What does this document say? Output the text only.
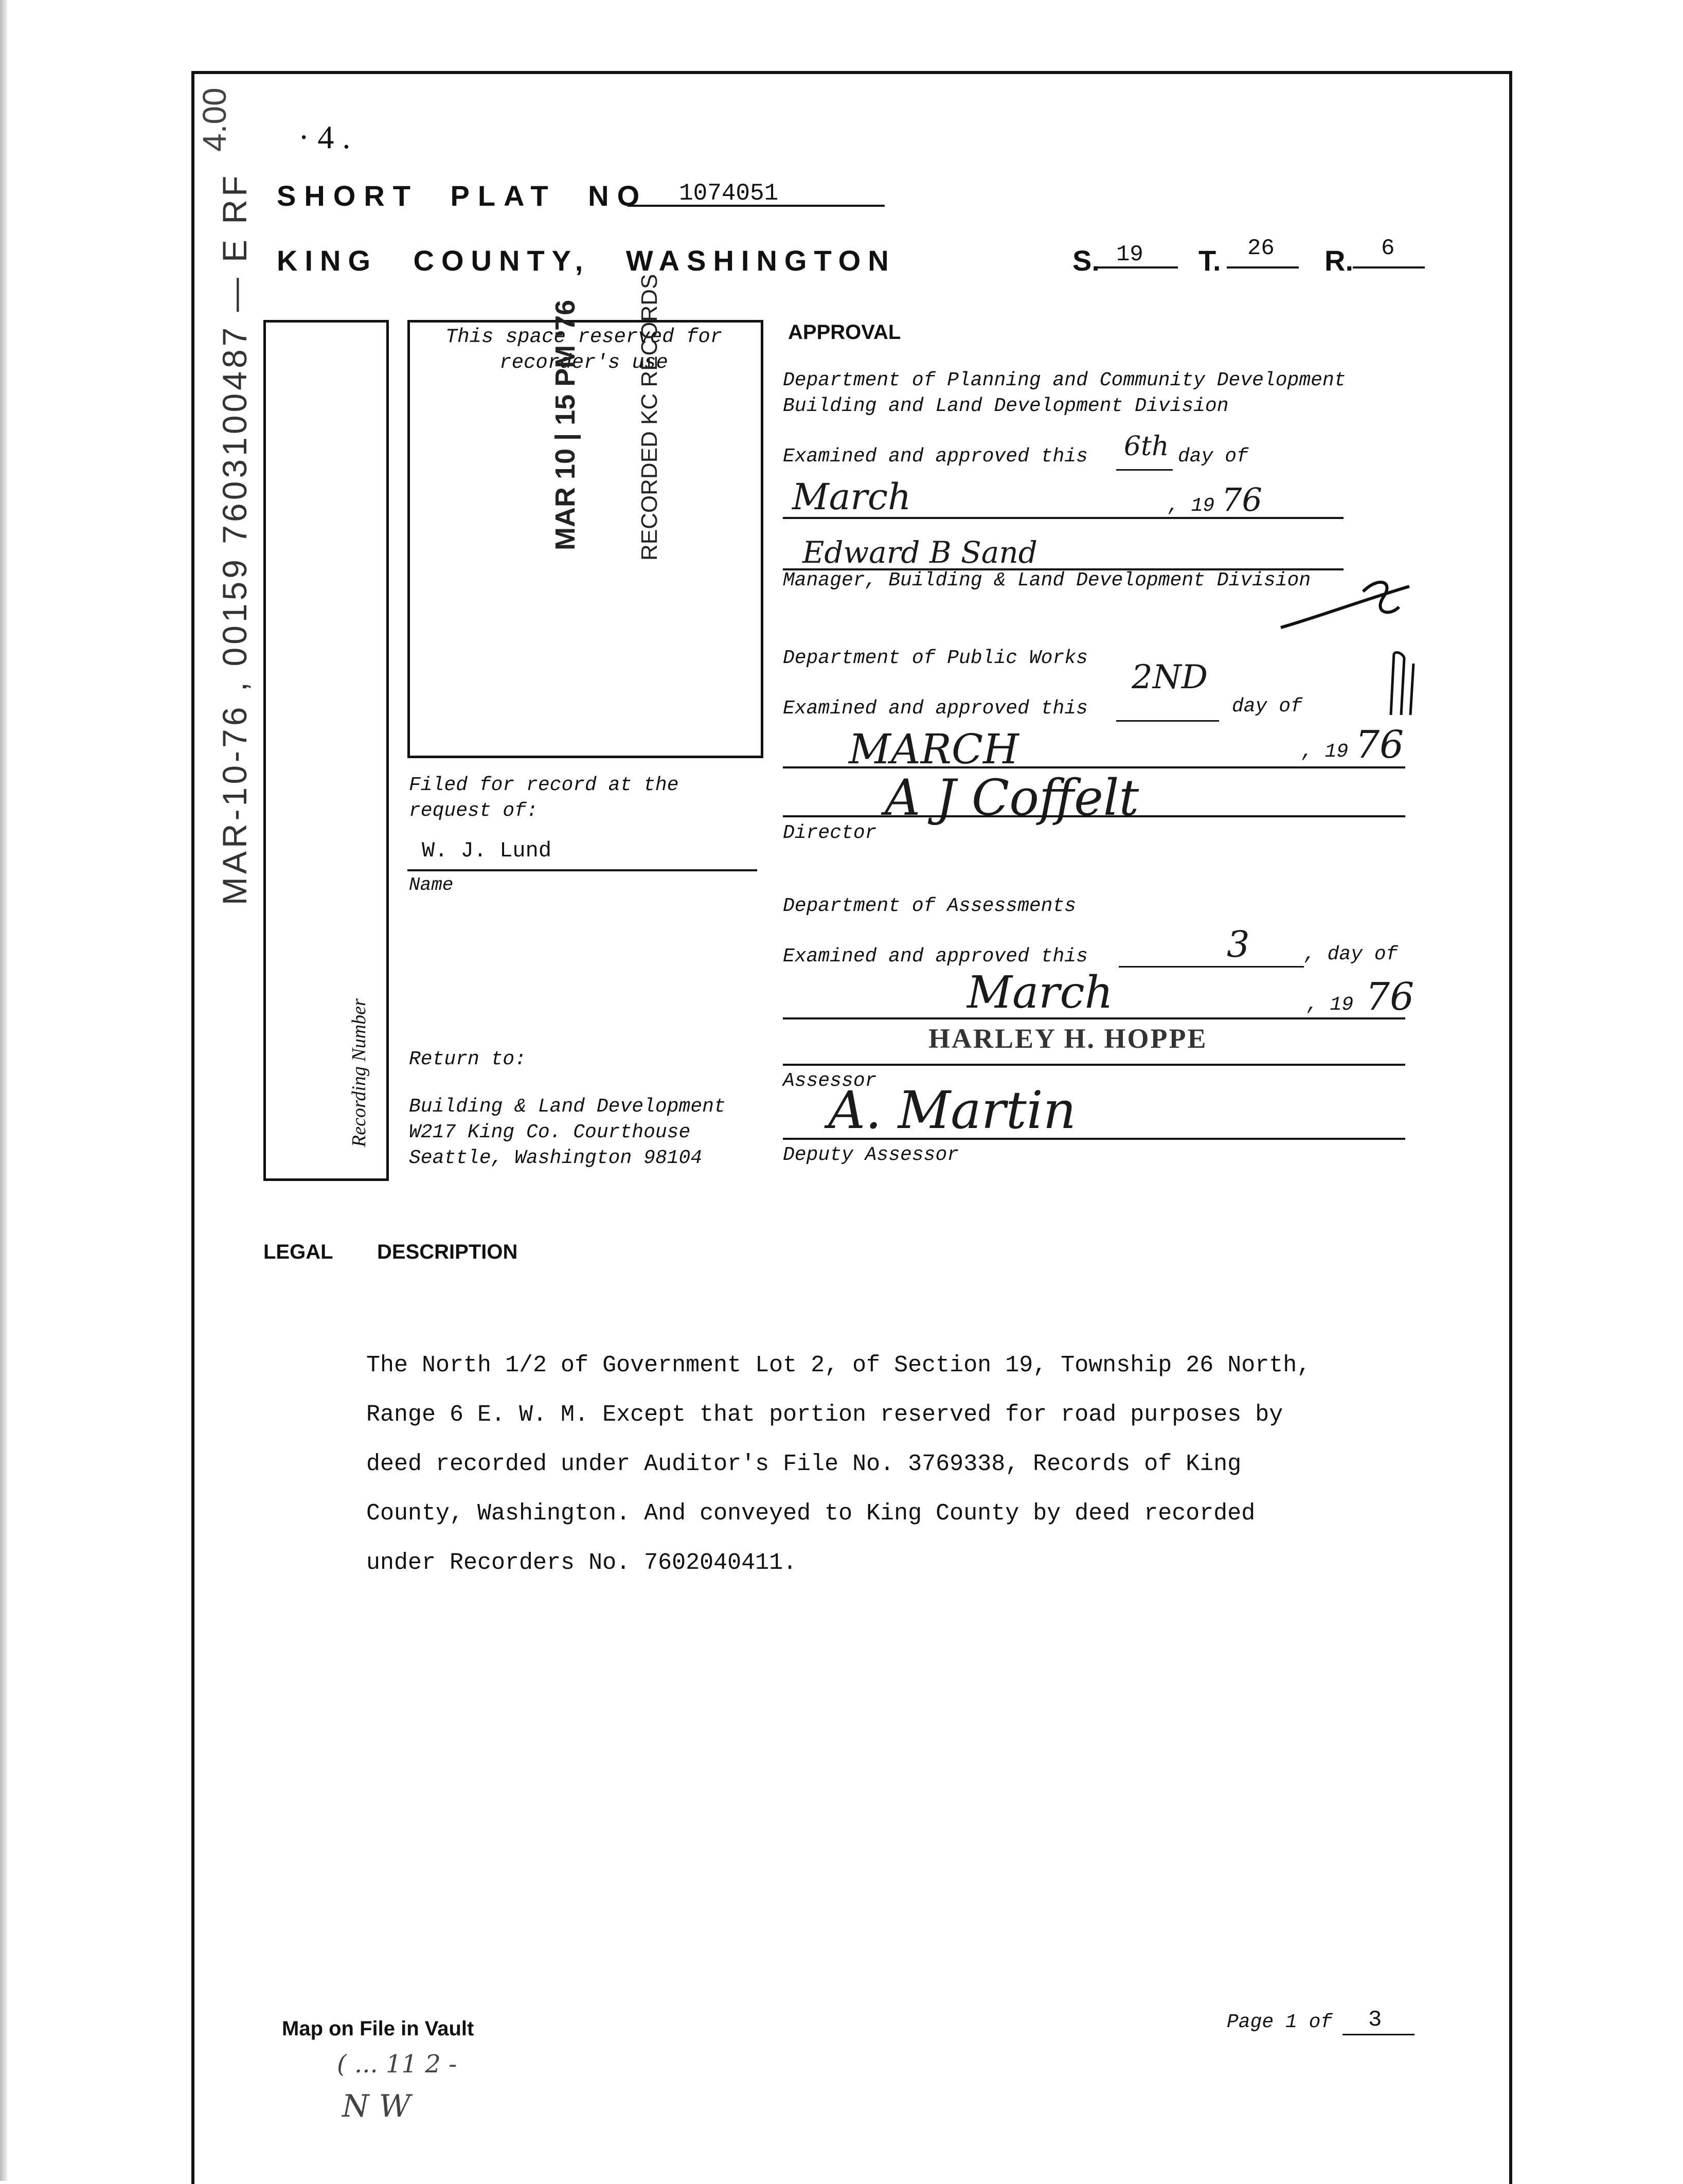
· 4 .
4.00
MAR-10-76 , 00159 7603100487 — E RF SHORT PLAT NO 1074051
KING COUNTY, WASHINGTON	S. 19 T. 26 R. 6
Recording Number
This space reserved for recorder's use
MAR 10 | 15 PM '76 RECORDED KC RECORDS
Filed for record at the request of:
W. J. Lund
Name
Return to:
Building & Land Development
W217 King Co. Courthouse
Seattle, Washington 98104
APPROVAL
Department of Planning and Community Development
Building and Land Development Division
Examined and approved this 6th day of
March	, 19 76
Edward B Sand
Manager, Building & Land Development Division
Department of Public Works
Examined and approved this
2ND
day of
MARCH	, 19 76
A J Coffelt
Director
Department of Assessments
Examined and approved this	3	, day of
March	, 19 76
HARLEY H. HOPPE
Assessor
A. Martin
Deputy Assessor
LEGAL DESCRIPTION

The North 1/2 of Government Lot 2, of Section 19, Township 26 North,

Range 6 E. W. M. Except that portion reserved for road purposes by

deed recorded under Auditor's File No. 3769338, Records of King

County, Washington. And conveyed to King County by deed recorded

under Recorders No. 7602040411.

Map on File in Vault
( ... 11 2 -
N W
Page 1 of 3
